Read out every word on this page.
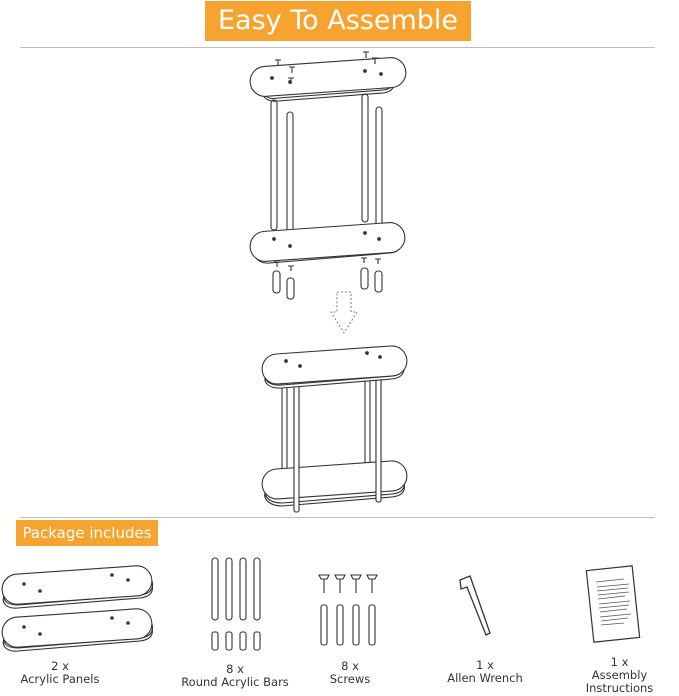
Easy To Assemble
Package includes
2 x
Acrylic Panels
8 x
Round Acrylic Bars
8 x
Screws
1 x
Allen Wrench
1 x
Assembly Instructions
